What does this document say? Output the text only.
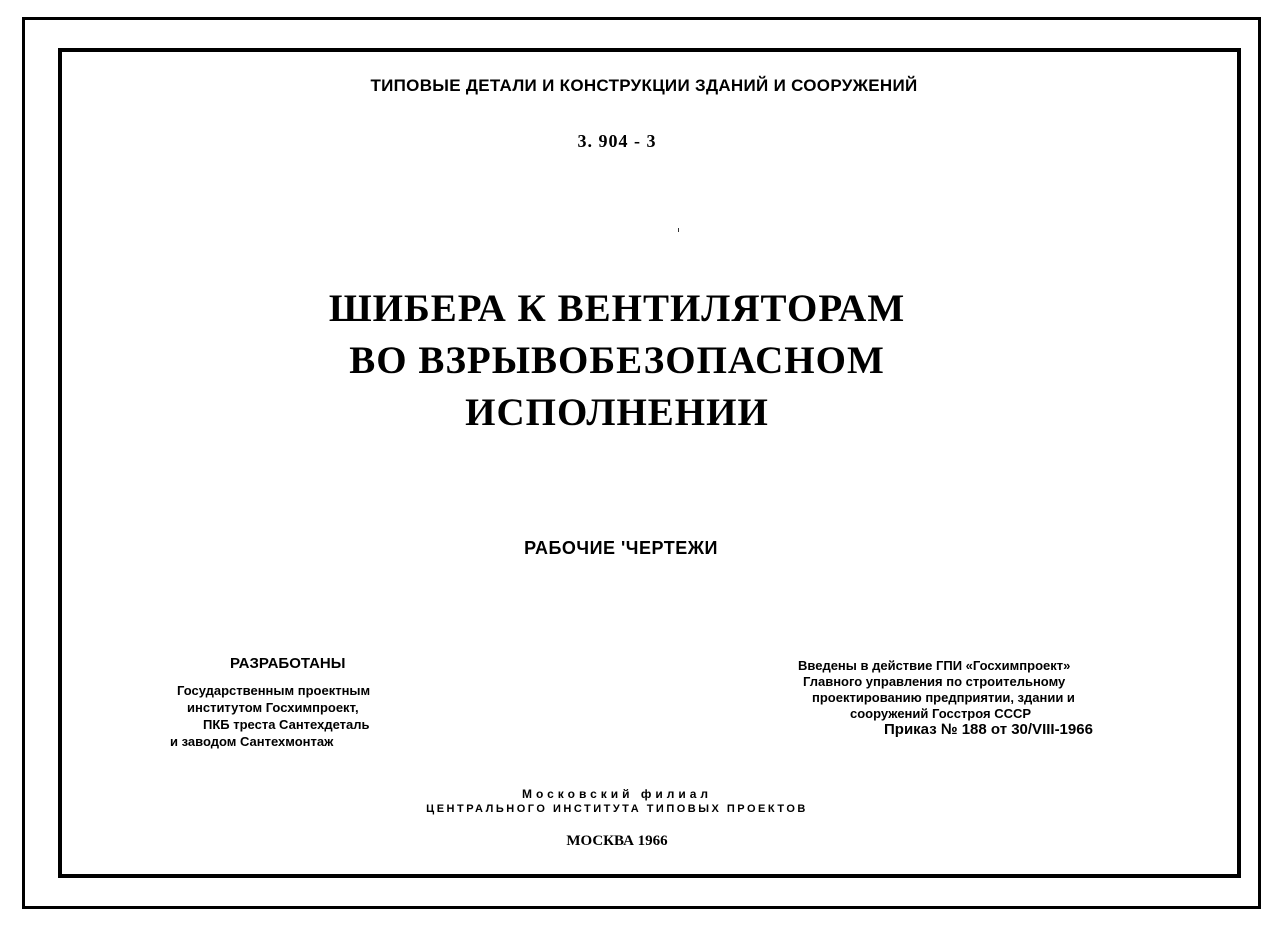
ТИПОВЫЕ ДЕТАЛИ И КОНСТРУКЦИИ ЗДАНИЙ И СООРУЖЕНИЙ
3. 904 - 3
ШИБЕРА К ВЕНТИЛЯТОРАМ
ВО ВЗРЫВОБЕЗОПАСНОМ
ИСПОЛНЕНИИ
РАБОЧИЕ 'ЧЕРТЕЖИ
РАЗРАБОТАНЫ
Государственным проектным
институтом Госхимпроект,
ПКБ треста Сантехдеталь
и заводом Сантехмонтаж
Введены в действие ГПИ «Госхимпроект»
Главного управления по строительному
проектированию предприятии, здании и
сооружений Госстроя СССР
Приказ № 188 от 30/VIII-1966
Московский филиал
ЦЕНТРАЛЬНОГО ИНСТИТУТА ТИПОВЫХ ПРОЕКТОВ
МОСКВА 1966
